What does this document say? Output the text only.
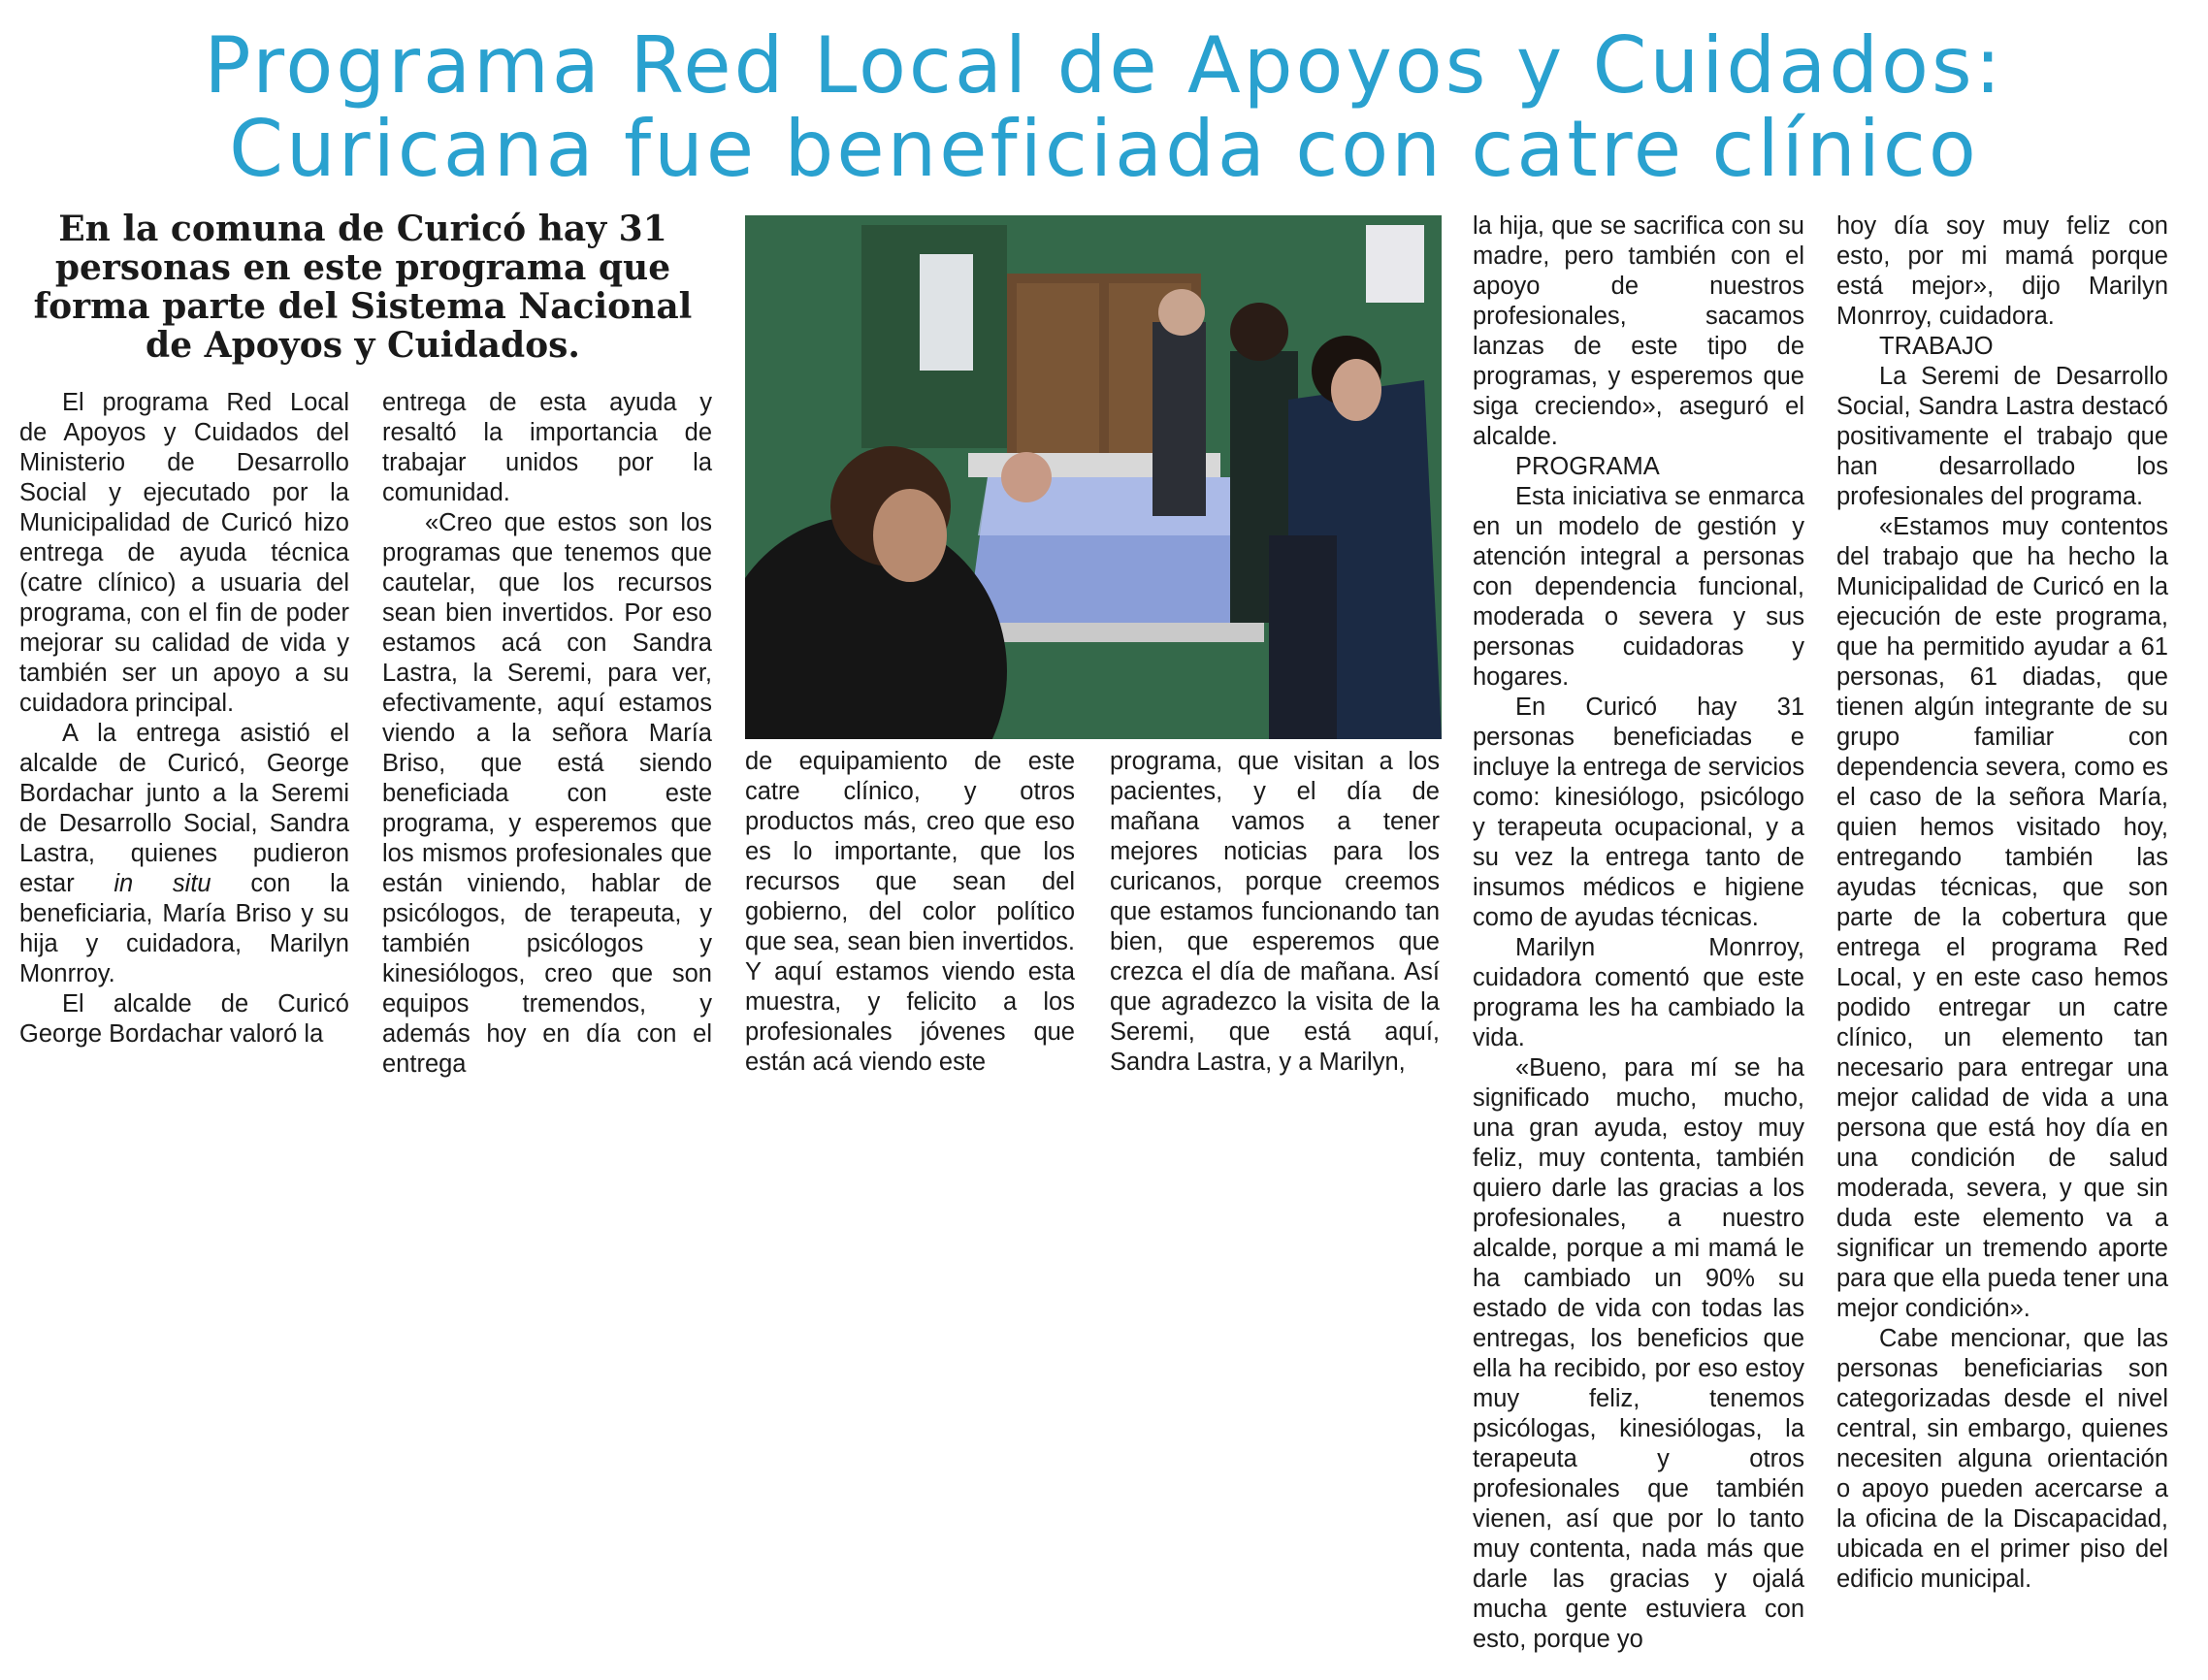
Programa Red Local de Apoyos y Cuidados:
Curicana fue beneficiada con catre clínico
En la comuna de Curicó hay 31 personas en este programa que forma parte del Sistema Nacional de Apoyos y Cuidados.

El programa Red Local de Apoyos y Cuidados del Ministerio de Desarrollo Social y ejecutado por la Municipalidad de Curicó hizo entrega de ayuda técnica (catre clínico) a usuaria del programa, con el fin de poder mejorar su calidad de vida y también ser un apoyo a su cuidadora principal.

A la entrega asistió el alcalde de Curicó, George Bordachar junto a la Seremi de Desarrollo Social, Sandra Lastra, quienes pudieron estar in situ con la beneficiaria, María Briso y su hija y cuidadora, Marilyn Monrroy.

El alcalde de Curicó George Bordachar valoró la

entrega de esta ayuda y resaltó la importancia de trabajar unidos por la comunidad.

«Creo que estos son los programas que tenemos que cautelar, que los recursos sean bien invertidos. Por eso estamos acá con Sandra Lastra, la Seremi, para ver, efectivamente, aquí estamos viendo a la señora María Briso, que está siendo beneficiada con este programa, y esperemos que los mismos profesionales que están viniendo, hablar de psicólogos, de terapeuta, y también psicólogos y kinesiólogos, creo que son equipos tremendos, y además hoy en día con el entrega

de equipamiento de este catre clínico, y otros productos más, creo que eso es lo importante, que los recursos que sean del gobierno, del color político que sea, sean bien invertidos. Y aquí estamos viendo esta muestra, y felicito a los profesionales jóvenes que están acá viendo este

programa, que visitan a los pacientes, y el día de mañana vamos a tener mejores noticias para los curicanos, porque creemos que estamos funcionando tan bien, que esperemos que crezca el día de mañana. Así que agradezco la visita de la Seremi, que está aquí, Sandra Lastra, y a Marilyn,

la hija, que se sacrifica con su madre, pero también con el apoyo de nuestros profesionales, sacamos lanzas de este tipo de programas, y esperemos que siga creciendo», aseguró el alcalde.

PROGRAMA

Esta iniciativa se enmarca en un modelo de gestión y atención integral a personas con dependencia funcional, moderada o severa y sus personas cuidadoras y hogares.

En Curicó hay 31 personas beneficiadas e incluye la entrega de servicios como: kinesiólogo, psicólogo y terapeuta ocupacional, y a su vez la entrega tanto de insumos médicos e higiene como de ayudas técnicas.

Marilyn Monrroy, cuidadora comentó que este programa les ha cambiado la vida.

«Bueno, para mí se ha significado mucho, mucho, una gran ayuda, estoy muy feliz, muy contenta, también quiero darle las gracias a los profesionales, a nuestro alcalde, porque a mi mamá le ha cambiado un 90% su estado de vida con todas las entregas, los beneficios que ella ha recibido, por eso estoy muy feliz, tenemos psicólogas, kinesiólogas, la terapeuta y otros profesionales que también vienen, así que por lo tanto muy contenta, nada más que darle las gracias y ojalá mucha gente estuviera con esto, porque yo

hoy día soy muy feliz con esto, por mi mamá porque está mejor», dijo Marilyn Monrroy, cuidadora.

TRABAJO

La Seremi de Desarrollo Social, Sandra Lastra destacó positivamente el trabajo que han desarrollado los profesionales del programa.

«Estamos muy contentos del trabajo que ha hecho la Municipalidad de Curicó en la ejecución de este programa, que ha permitido ayudar a 61 personas, 61 diadas, que tienen algún integrante de su grupo familiar con dependencia severa, como es el caso de la señora María, quien hemos visitado hoy, entregando también las ayudas técnicas, que son parte de la cobertura que entrega el programa Red Local, y en este caso hemos podido entregar un catre clínico, un elemento tan necesario para entregar una mejor calidad de vida a una persona que está hoy día en una condición de salud moderada, severa, y que sin duda este elemento va a significar un tremendo aporte para que ella pueda tener una mejor condición».

Cabe mencionar, que las personas beneficiarias son categorizadas desde el nivel central, sin embargo, quienes necesiten alguna orientación o apoyo pueden acercarse a la oficina de la Discapacidad, ubicada en el primer piso del edificio municipal.
